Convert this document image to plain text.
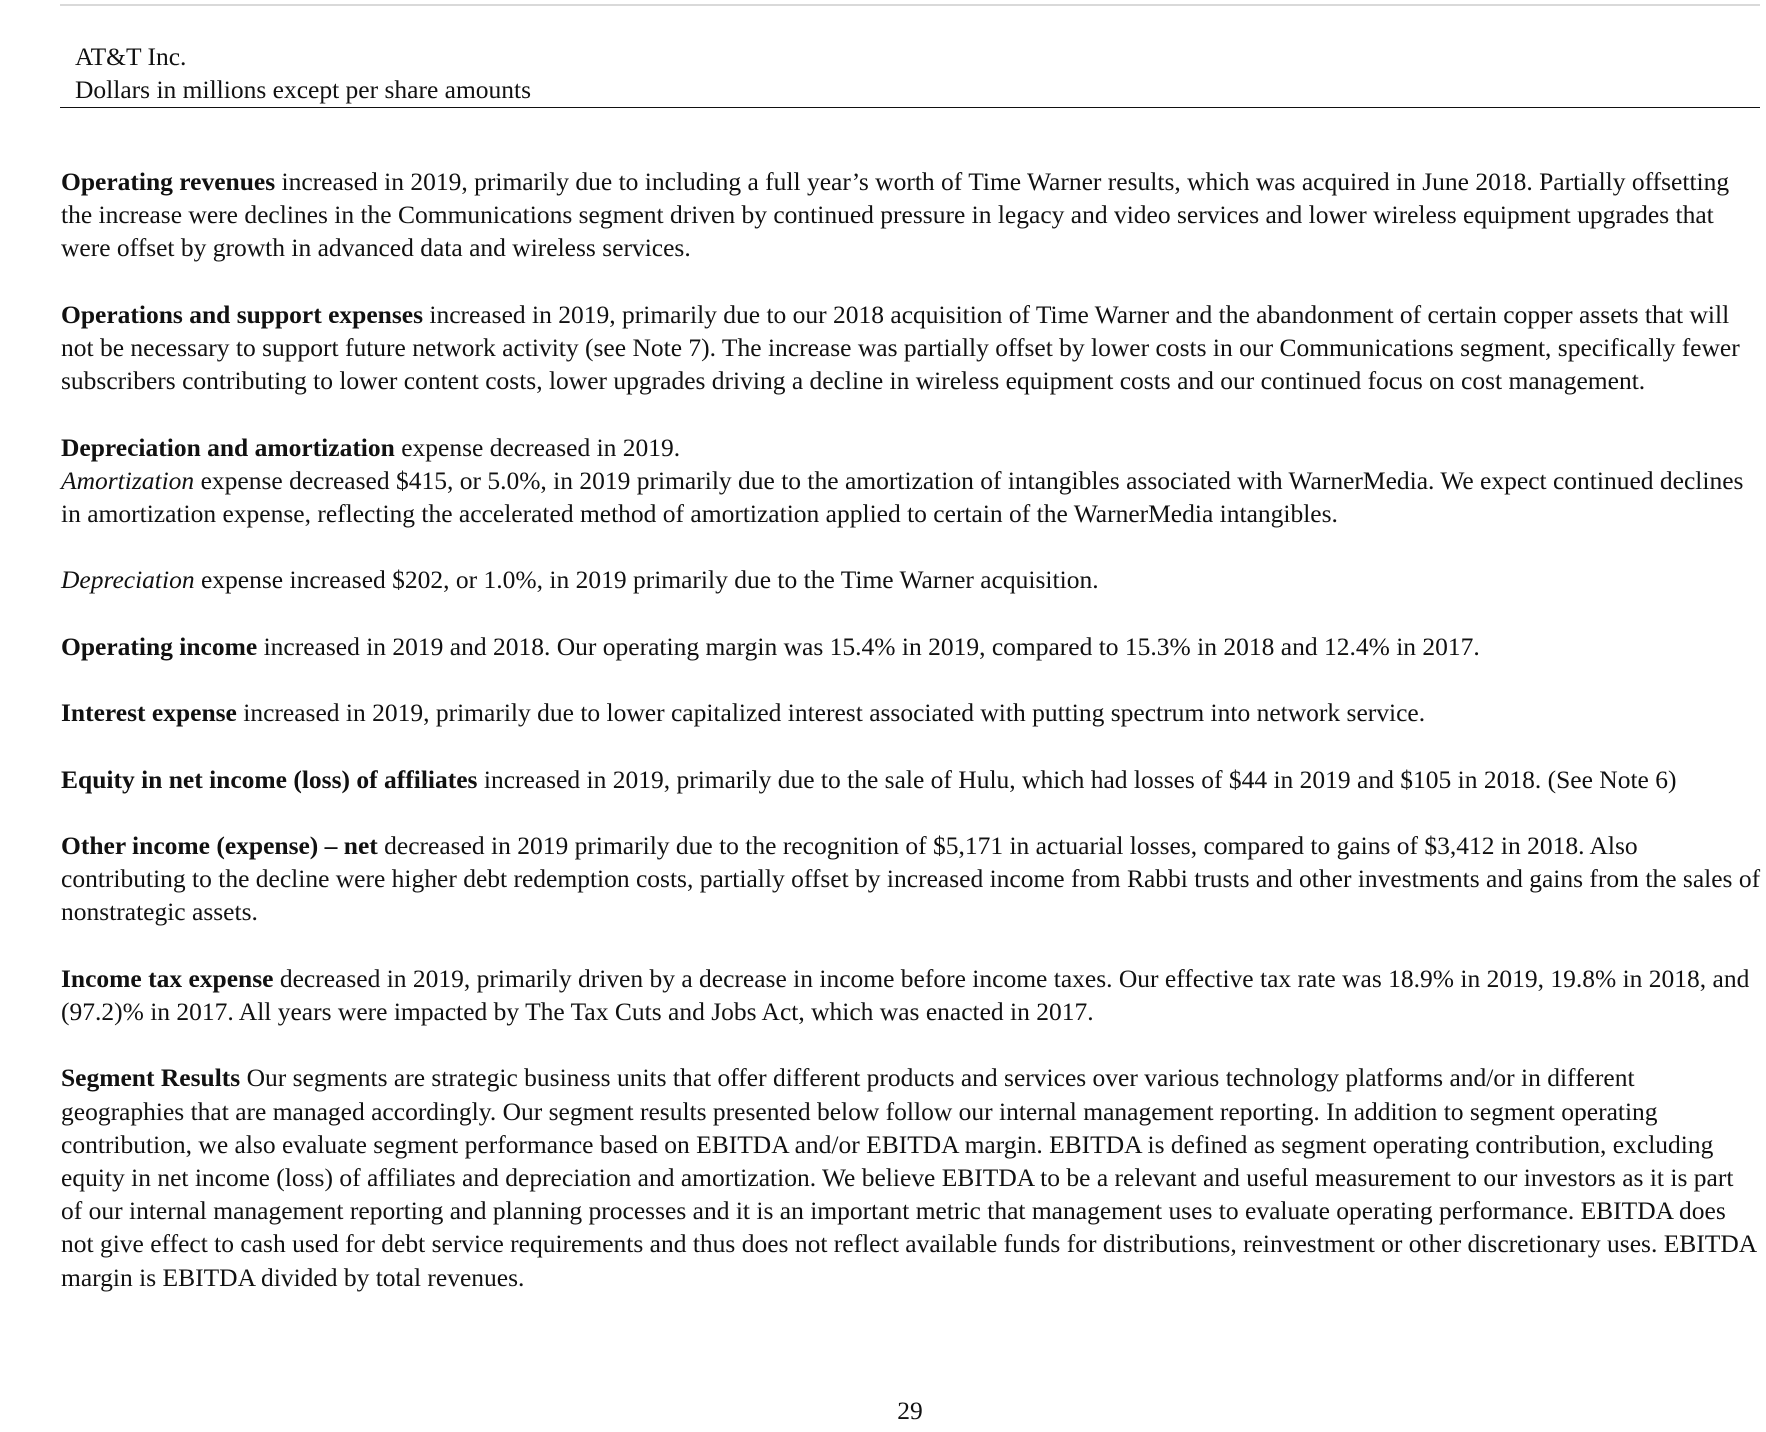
AT&T Inc.
Dollars in millions except per share amounts

Operating revenues increased in 2019, primarily due to including a full year’s worth of Time Warner results, which was acquired in June 2018. Partially offsetting the increase were declines in the Communications segment driven by continued pressure in legacy and video services and lower wireless equipment upgrades that were offset by growth in advanced data and wireless services.

Operations and support expenses increased in 2019, primarily due to our 2018 acquisition of Time Warner and the abandonment of certain copper assets that will not be necessary to support future network activity (see Note 7). The increase was partially offset by lower costs in our Communications segment, specifically fewer subscribers contributing to lower content costs, lower upgrades driving a decline in wireless equipment costs and our continued focus on cost management.

Depreciation and amortization expense decreased in 2019.

Amortization expense decreased $415, or 5.0%, in 2019 primarily due to the amortization of intangibles associated with WarnerMedia. We expect continued declines in amortization expense, reflecting the accelerated method of amortization applied to certain of the WarnerMedia intangibles.

Depreciation expense increased $202, or 1.0%, in 2019 primarily due to the Time Warner acquisition.

Operating income increased in 2019 and 2018. Our operating margin was 15.4% in 2019, compared to 15.3% in 2018 and 12.4% in 2017.

Interest expense increased in 2019, primarily due to lower capitalized interest associated with putting spectrum into network service.

Equity in net income (loss) of affiliates increased in 2019, primarily due to the sale of Hulu, which had losses of $44 in 2019 and $105 in 2018. (See Note 6)

Other income (expense) – net decreased in 2019 primarily due to the recognition of $5,171 in actuarial losses, compared to gains of $3,412 in 2018. Also contributing to the decline were higher debt redemption costs, partially offset by increased income from Rabbi trusts and other investments and gains from the sales of nonstrategic assets.

Income tax expense decreased in 2019, primarily driven by a decrease in income before income taxes. Our effective tax rate was 18.9% in 2019, 19.8% in 2018, and (97.2)% in 2017. All years were impacted by The Tax Cuts and Jobs Act, which was enacted in 2017.

Segment Results Our segments are strategic business units that offer different products and services over various technology platforms and/or in different geographies that are managed accordingly. Our segment results presented below follow our internal management reporting. In addition to segment operating contribution, we also evaluate segment performance based on EBITDA and/or EBITDA margin. EBITDA is defined as segment operating contribution, excluding equity in net income (loss) of affiliates and depreciation and amortization. We believe EBITDA to be a relevant and useful measurement to our investors as it is part of our internal management reporting and planning processes and it is an important metric that management uses to evaluate operating performance. EBITDA does not give effect to cash used for debt service requirements and thus does not reflect available funds for distributions, reinvestment or other discretionary uses. EBITDA margin is EBITDA divided by total revenues.

29
